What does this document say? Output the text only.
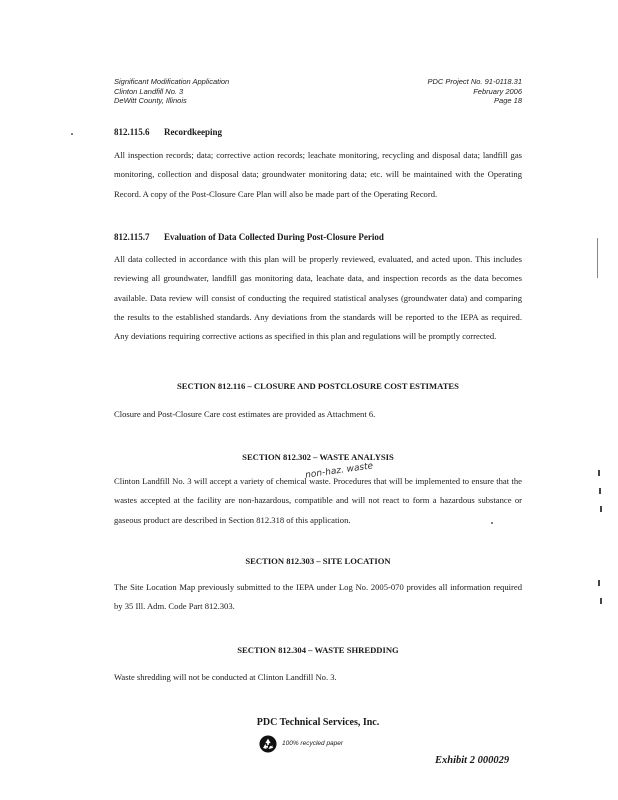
Significant Modification Application
Clinton Landfill No. 3
DeWitt County, Illinois
PDC Project No. 91-0118.31
February 2006
Page 18
812.115.6 Recordkeeping
All inspection records; data; corrective action records; leachate monitoring, recycling and disposal data; landfill gas monitoring, collection and disposal data; groundwater monitoring data; etc. will be maintained with the Operating Record. A copy of the Post-Closure Care Plan will also be made part of the Operating Record.
812.115.7 Evaluation of Data Collected During Post-Closure Period
All data collected in accordance with this plan will be properly reviewed, evaluated, and acted upon. This includes reviewing all groundwater, landfill gas monitoring data, leachate data, and inspection records as the data becomes available. Data review will consist of conducting the required statistical analyses (groundwater data) and comparing the results to the established standards. Any deviations from the standards will be reported to the IEPA as required. Any deviations requiring corrective actions as specified in this plan and regulations will be promptly corrected.
SECTION 812.116 – CLOSURE AND POSTCLOSURE COST ESTIMATES
Closure and Post-Closure Care cost estimates are provided as Attachment 6.
SECTION 812.302 – WASTE ANALYSIS
non-haz. waste
Clinton Landfill No. 3 will accept a variety of chemical waste. Procedures that will be implemented to ensure that the wastes accepted at the facility are non-hazardous, compatible and will not react to form a hazardous substance or gaseous product are described in Section 812.318 of this application.
SECTION 812.303 – SITE LOCATION
The Site Location Map previously submitted to the IEPA under Log No. 2005-070 provides all information required by 35 Ill. Adm. Code Part 812.303.
SECTION 812.304 – WASTE SHREDDING
Waste shredding will not be conducted at Clinton Landfill No. 3.
PDC Technical Services, Inc.
100% recycled paper
Exhibit 2 000029
